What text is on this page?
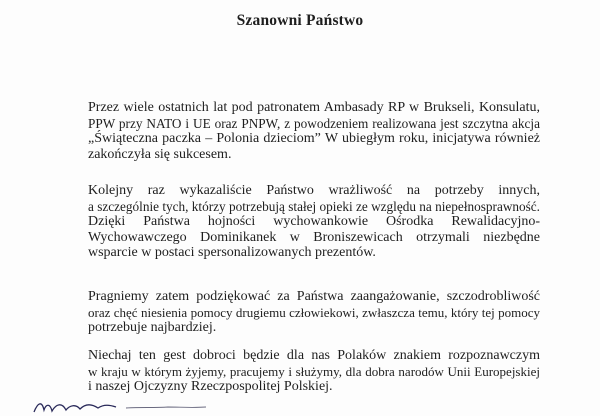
Szanowni Państwo
Przez wiele ostatnich lat pod patronatem Ambasady RP w Brukseli, Konsulatu,
PPW przy NATO i UE oraz PNPW, z powodzeniem realizowana jest szczytna akcja
„Świąteczna paczka – Polonia dzieciom” W ubiegłym roku, inicjatywa również
zakończyła się sukcesem.
Kolejny raz wykazaliście Państwo wrażliwość na potrzeby innych,
a szczególnie tych, którzy potrzebują stałej opieki ze względu na niepełnosprawność.
Dzięki Państwa hojności wychowankowie Ośrodka Rewalidacyjno-
Wychowawczego Dominikanek w Broniszewicach otrzymali niezbędne
wsparcie w postaci spersonalizowanych prezentów.
Pragniemy zatem podziękować za Państwa zaangażowanie, szczodrobliwość
oraz chęć niesienia pomocy drugiemu człowiekowi, zwłaszcza temu, który tej pomocy
potrzebuje najbardziej.
Niechaj ten gest dobroci będzie dla nas Polaków znakiem rozpoznawczym
w kraju w którym żyjemy, pracujemy i służymy, dla dobra narodów Unii Europejskiej
i naszej Ojczyzny Rzeczpospolitej Polskiej.
